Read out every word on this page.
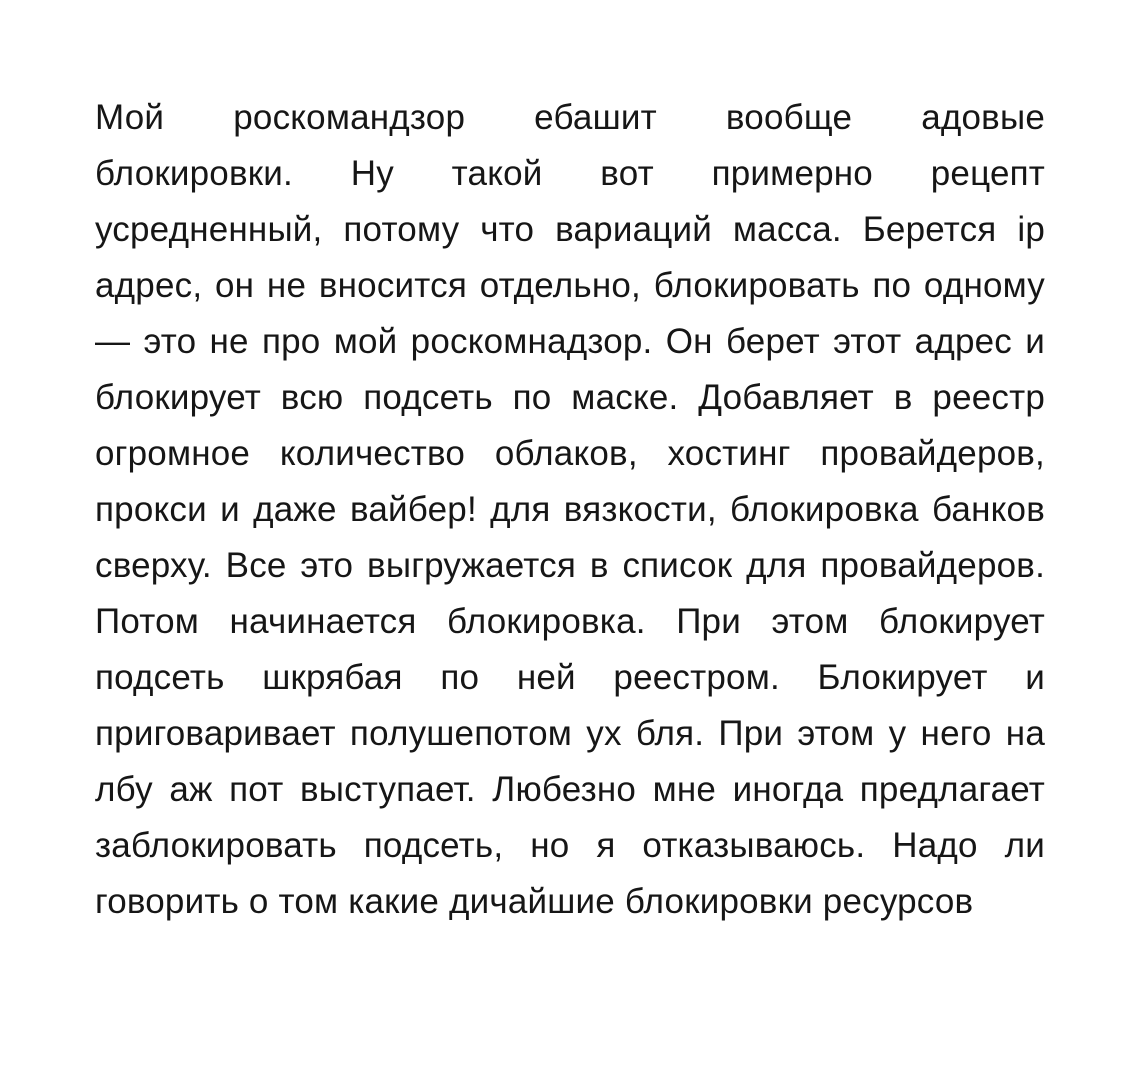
Мой роскомандзор ебашит вообще адовые
блокировки. Ну такой вот примерно рецепт
усредненный, потому что вариаций масса. Берется ip
адрес, он не вносится отдельно, блокировать по одному
— это не про мой роскомнадзор. Он берет этот адрес и
блокирует всю подсеть по маске. Добавляет в реестр
огромное количество облаков, хостинг провайдеров,
прокси и даже вайбер! для вязкости, блокировка банков
сверху. Все это выгружается в список для провайдеров.
Потом начинается блокировка. При этом блокирует
подсеть шкрябая по ней реестром. Блокирует и
приговаривает полушепотом ух бля. При этом у него на
лбу аж пот выступает. Любезно мне иногда предлагает
заблокировать подсеть, но я отказываюсь. Надо ли
говорить о том какие дичайшие блокировки ресурсов
